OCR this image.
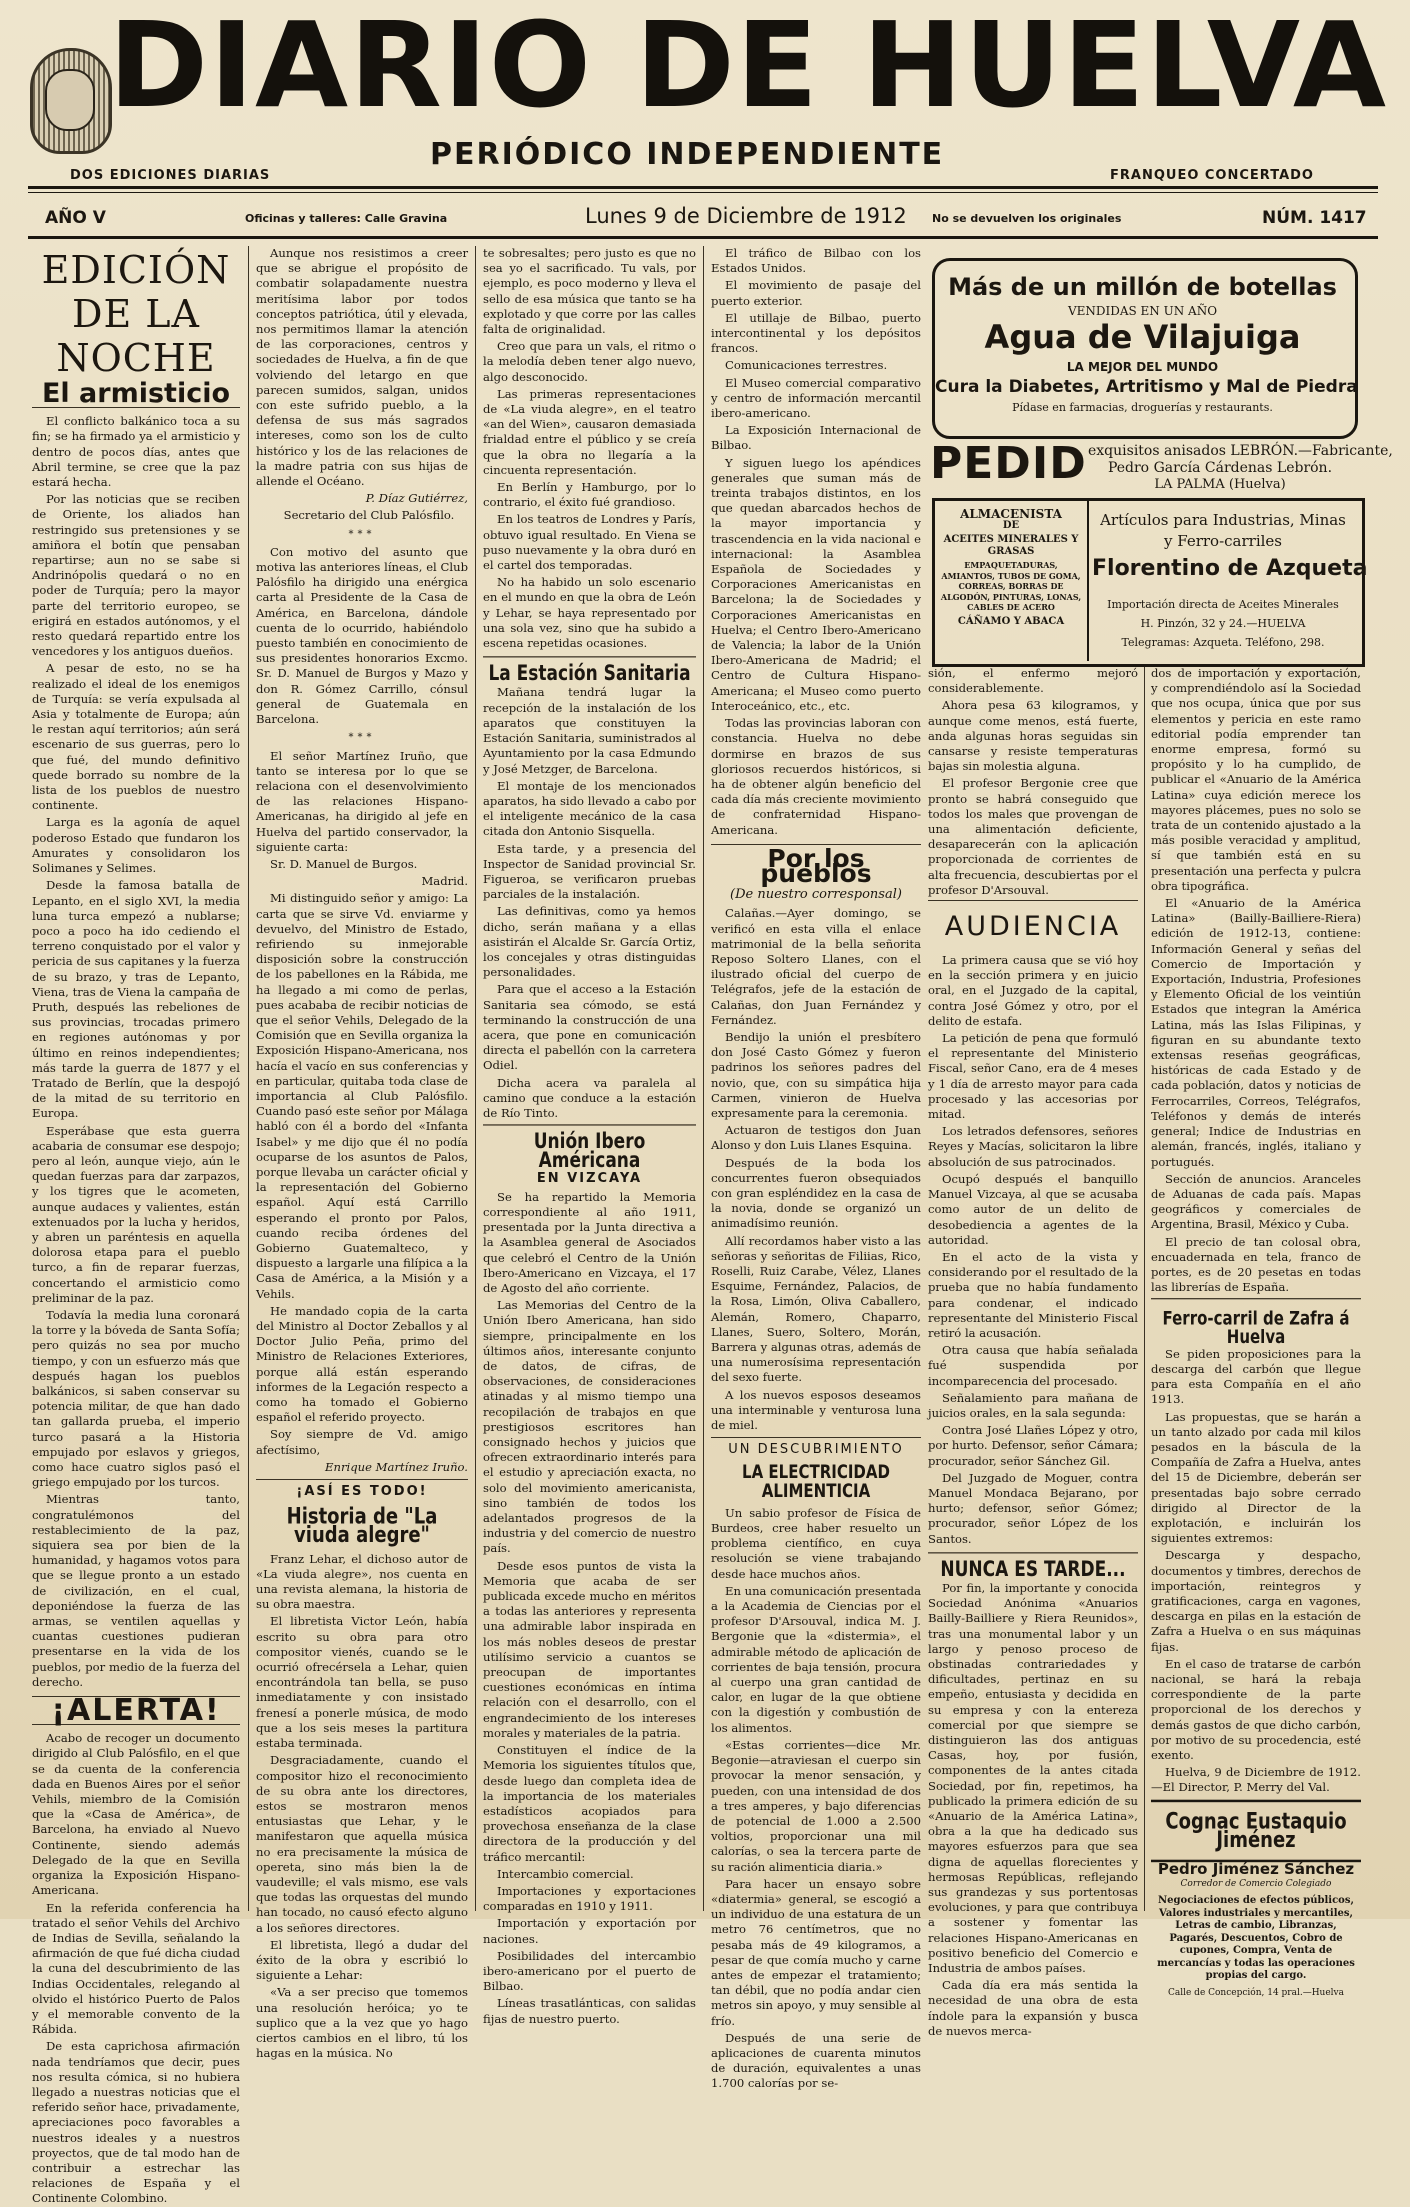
DIARIO DE HUELVA
PERIÓDICO INDEPENDIENTE
DOS EDICIONES DIARIAS	FRANQUEO CONCERTADO
AÑO V	Oficinas y talleres: Calle Gravina	Lunes 9 de Diciembre de 1912 No se devuelven los originales	NÚM. 1417
EDICIÓN DE LA NOCHE
El armisticio

El conflicto balkánico toca a su fin; se ha firmado ya el armisticio y dentro de pocos días, antes que Abril termine, se cree que la paz estará hecha.

Por las noticias que se reciben de Oriente, los aliados han restringido sus pretensiones y se amiñora el botín que pensaban repartirse; aun no se sabe si Andrinópolis quedará o no en poder de Turquía; pero la mayor parte del territorio europeo, se erigirá en estados autónomos, y el resto quedará repartido entre los vencedores y los antiguos dueños.

A pesar de esto, no se ha realizado el ideal de los enemigos de Turquía: se vería expulsada al Asia y totalmente de Europa; aún le restan aquí territorios; aún será escenario de sus guerras, pero lo que fué, del mundo definitivo quede borrado su nombre de la lista de los pueblos de nuestro continente.

Larga es la agonía de aquel poderoso Estado que fundaron los Amurates y consolidaron los Solimanes y Selimes.

Desde la famosa batalla de Lepanto, en el siglo XVI, la media luna turca empezó a nublarse; poco a poco ha ido cediendo el terreno conquistado por el valor y pericia de sus capitanes y la fuerza de su brazo, y tras de Lepanto, Viena, tras de Viena la campaña de Pruth, después las rebeliones de sus provincias, trocadas primero en regiones autónomas y por último en reinos independientes; más tarde la guerra de 1877 y el Tratado de Berlín, que la despojó de la mitad de su territorio en Europa.

Esperábase que esta guerra acabaria de consumar ese despojo; pero al león, aunque viejo, aún le quedan fuerzas para dar zarpazos, y los tigres que le acometen, aunque audaces y valientes, están extenuados por la lucha y heridos, y abren un paréntesis en aquella dolorosa etapa para el pueblo turco, a fin de reparar fuerzas, concertando el armisticio como preliminar de la paz.

Todavía la media luna coronará la torre y la bóveda de Santa Sofía; pero quizás no sea por mucho tiempo, y con un esfuerzo más que después hagan los pueblos balkánicos, si saben conservar su potencia militar, de que han dado tan gallarda prueba, el imperio turco pasará a la Historia empujado por eslavos y griegos, como hace cuatro siglos pasó el griego empujado por los turcos.

Mientras tanto, congratulémonos del restablecimiento de la paz, siquiera sea por bien de la humanidad, y hagamos votos para que se llegue pronto a un estado de civilización, en el cual, deponiéndose la fuerza de las armas, se ventilen aquellas y cuantas cuestiones pudieran presentarse en la vida de los pueblos, por medio de la fuerza del derecho.

¡ALERTA!

Acabo de recoger un documento dirigido al Club Palósfilo, en el que se da cuenta de la conferencia dada en Buenos Aires por el señor Vehils, miembro de la Comisión que la «Casa de América», de Barcelona, ha enviado al Nuevo Continente, siendo además Delegado de la que en Sevilla organiza la Exposición Hispano-Americana.

En la referida conferencia ha tratado el señor Vehils del Archivo de Indias de Sevilla, señalando la afirmación de que fué dicha ciudad la cuna del descubrimiento de las Indias Occidentales, relegando al olvido el histórico Puerto de Palos y el memorable convento de la Rábida.

De esta caprichosa afirmación nada tendríamos que decir, pues nos resulta cómica, si no hubiera llegado a nuestras noticias que el referido señor hace, privadamente, apreciaciones poco favorables a nuestros ideales y a nuestros proyectos, que de tal modo han de contribuir a estrechar las relaciones de España y el Continente Colombino.

Aunque nos resistimos a creer que se abrigue el propósito de combatir solapadamente nuestra meritísima labor por todos conceptos patriótica, útil y elevada, nos permitimos llamar la atención de las corporaciones, centros y sociedades de Huelva, a fin de que volviendo del letargo en que parecen sumidos, salgan, unidos con este sufrido pueblo, a la defensa de sus más sagrados intereses, como son los de culto histórico y los de las relaciones de la madre patria con sus hijas de allende el Océano.

P. Díaz Gutiérrez,

Secretario del Club Palósfilo.

***

Con motivo del asunto que motiva las anteriores líneas, el Club Palósfilo ha dirigido una enérgica carta al Presidente de la Casa de América, en Barcelona, dándole cuenta de lo ocurrido, habiéndolo puesto también en conocimiento de sus presidentes honorarios Excmo. Sr. D. Manuel de Burgos y Mazo y don R. Gómez Carrillo, cónsul general de Guatemala en Barcelona.

***

El señor Martínez Iruño, que tanto se interesa por lo que se relaciona con el desenvolvimiento de las relaciones Hispano-Americanas, ha dirigido al jefe en Huelva del partido conservador, la siguiente carta:

Sr. D. Manuel de Burgos.

Madrid.

Mi distinguido señor y amigo: La carta que se sirve Vd. enviarme y devuelvo, del Ministro de Estado, refiriendo su inmejorable disposición sobre la construcción de los pabellones en la Rábida, me ha llegado a mi como de perlas, pues acababa de recibir noticias de que el señor Vehils, Delegado de la Comisión que en Sevilla organiza la Exposición Hispano-Americana, nos hacía el vacío en sus conferencias y en particular, quitaba toda clase de importancia al Club Palósfilo. Cuando pasó este señor por Málaga habló con él a bordo del «Infanta Isabel» y me dijo que él no podía ocuparse de los asuntos de Palos, porque llevaba un carácter oficial y la representación del Gobierno español. Aquí está Carrillo esperando el pronto por Palos, cuando reciba órdenes del Gobierno Guatemalteco, y dispuesto a largarle una filípica a la Casa de América, a la Misión y a Vehils.

He mandado copia de la carta del Ministro al Doctor Zeballos y al Doctor Julio Peña, primo del Ministro de Relaciones Exteriores, porque allá están esperando informes de la Legación respecto a como ha tomado el Gobierno español el referido proyecto.

Soy siempre de Vd. amigo afectísimo,

Enrique Martínez Iruño.

¡ASÍ ES TODO!
Historia de "La viuda alegre"

Franz Lehar, el dichoso autor de «La viuda alegre», nos cuenta en una revista alemana, la historia de su obra maestra.

El libretista Victor León, había escrito su obra para otro compositor vienés, cuando se le ocurrió ofrecérsela a Lehar, quien encontrándola tan bella, se puso inmediatamente y con insistado frenesí a ponerle música, de modo que a los seis meses la partitura estaba terminada.

Desgraciadamente, cuando el compositor hizo el reconocimiento de su obra ante los directores, estos se mostraron menos entusiastas que Lehar, y le manifestaron que aquella música no era precisamente la música de opereta, sino más bien la de vaudeville; el vals mismo, ese vals que todas las orquestas del mundo han tocado, no causó efecto alguno a los señores directores.

El libretista, llegó a dudar del éxito de la obra y escribió lo siguiente a Lehar:

«Va a ser preciso que tomemos una resolución heróica; yo te suplico que a la vez que yo hago ciertos cambios en el libro, tú los hagas en la música. No

te sobresaltes; pero justo es que no sea yo el sacrificado. Tu vals, por ejemplo, es poco moderno y lleva el sello de esa música que tanto se ha explotado y que corre por las calles falta de originalidad.

Creo que para un vals, el ritmo o la melodía deben tener algo nuevo, algo desconocido.

Las primeras representaciones de «La viuda alegre», en el teatro «an del Wien», causaron demasiada frialdad entre el público y se creía que la obra no llegaría a la cincuenta representación.

En Berlín y Hamburgo, por lo contrario, el éxito fué grandioso.

En los teatros de Londres y París, obtuvo igual resultado. En Viena se puso nuevamente y la obra duró en el cartel dos temporadas.

No ha habido un solo escenario en el mundo en que la obra de León y Lehar, se haya representado por una sola vez, sino que ha subido a escena repetidas ocasiones.

La Estación Sanitaria

Mañana tendrá lugar la recepción de la instalación de los aparatos que constituyen la Estación Sanitaria, suministrados al Ayuntamiento por la casa Edmundo y José Metzger, de Barcelona.

El montaje de los mencionados aparatos, ha sido llevado a cabo por el inteligente mecánico de la casa citada don Antonio Sisquella.

Esta tarde, y a presencia del Inspector de Sanidad provincial Sr. Figueroa, se verificaron pruebas parciales de la instalación.

Las definitivas, como ya hemos dicho, serán mañana y a ellas asistirán el Alcalde Sr. García Ortiz, los concejales y otras distinguidas personalidades.

Para que el acceso a la Estación Sanitaria sea cómodo, se está terminando la construcción de una acera, que pone en comunicación directa el pabellón con la carretera Odiel.

Dicha acera va paralela al camino que conduce a la estación de Río Tinto.

Unión Ibero Américana
EN VIZCAYA

Se ha repartido la Memoria correspondiente al año 1911, presentada por la Junta directiva a la Asamblea general de Asociados que celebró el Centro de la Unión Ibero-Americano en Vizcaya, el 17 de Agosto del año corriente.

Las Memorias del Centro de la Unión Ibero Americana, han sido siempre, principalmente en los últimos años, interesante conjunto de datos, de cifras, de observaciones, de consideraciones atinadas y al mismo tiempo una recopilación de trabajos en que prestigiosos escritores han consignado hechos y juicios que ofrecen extraordinario interés para el estudio y apreciación exacta, no solo del movimiento americanista, sino también de todos los adelantados progresos de la industria y del comercio de nuestro país.

Desde esos puntos de vista la Memoria que acaba de ser publicada excede mucho en méritos a todas las anteriores y representa una admirable labor inspirada en los más nobles deseos de prestar utilísimo servicio a cuantos se preocupan de importantes cuestiones económicas en íntima relación con el desarrollo, con el engrandecimiento de los intereses morales y materiales de la patria.

Constituyen el índice de la Memoria los siguientes títulos que, desde luego dan completa idea de la importancia de los materiales estadísticos acopiados para provechosa enseñanza de la clase directora de la producción y del tráfico mercantil:

Intercambio comercial.

Importaciones y exportaciones comparadas en 1910 y 1911.

Importación y exportación por naciones.

Posibilidades del intercambio ibero-americano por el puerto de Bilbao.

Líneas trasatlánticas, con salidas fijas de nuestro puerto.

El tráfico de Bilbao con los Estados Unidos.

El movimiento de pasaje del puerto exterior.

El utillaje de Bilbao, puerto intercontinental y los depósitos francos.

Comunicaciones terrestres.

El Museo comercial comparativo y centro de información mercantil ibero-americano.

La Exposición Internacional de Bilbao.

Y siguen luego los apéndices generales que suman más de treinta trabajos distintos, en los que quedan abarcados hechos de la mayor importancia y trascendencia en la vida nacional e internacional: la Asamblea Española de Sociedades y Corporaciones Americanistas en Barcelona; la de Sociedades y Corporaciones Americanistas en Huelva; el Centro Ibero-Americano de Valencia; la labor de la Unión Ibero-Americana de Madrid; el Centro de Cultura Hispano-Americana; el Museo como puerto Interoceánico, etc., etc.

Todas las provincias laboran con constancia. Huelva no debe dormirse en brazos de sus gloriosos recuerdos históricos, si ha de obtener algún beneficio del cada día más creciente movimiento de confraternidad Hispano-Americana.

Por los pueblos
(De nuestro corresponsal)

Calañas.—Ayer domingo, se verificó en esta villa el enlace matrimonial de la bella señorita Reposo Soltero Llanes, con el ilustrado oficial del cuerpo de Telégrafos, jefe de la estación de Calañas, don Juan Fernández y Fernández.

Bendijo la unión el presbítero don José Casto Gómez y fueron padrinos los señores padres del novio, que, con su simpática hija Carmen, vinieron de Huelva expresamente para la ceremonia.

Actuaron de testigos don Juan Alonso y don Luis Llanes Esquina.

Después de la boda los concurrentes fueron obsequiados con gran espléndidez en la casa de la novia, donde se organizó un animadísimo reunión.

Allí recordamos haber visto a las señoras y señoritas de Filiias, Rico, Roselli, Ruiz Carabe, Vélez, Llanes Esquime, Fernández, Palacios, de la Rosa, Limón, Oliva Caballero, Alemán, Romero, Chaparro, Llanes, Suero, Soltero, Morán, Barrera y algunas otras, además de una numerosísima representación del sexo fuerte.

A los nuevos esposos deseamos una interminable y venturosa luna de miel.

UN DESCUBRIMIENTO
LA ELECTRICIDAD ALIMENTICIA

Un sabio profesor de Física de Burdeos, cree haber resuelto un problema científico, en cuya resolución se viene trabajando desde hace muchos años.

En una comunicación presentada a la Academia de Ciencias por el profesor D'Arsouval, indica M. J. Bergonie que la «distermia», el admirable método de aplicación de corrientes de baja tensión, procura al cuerpo una gran cantidad de calor, en lugar de la que obtiene con la digestión y combustión de los alimentos.

«Estas corrientes—dice Mr. Begonie—atraviesan el cuerpo sin provocar la menor sensación, y pueden, con una intensidad de dos a tres amperes, y bajo diferencias de potencial de 1.000 a 2.500 voltios, proporcionar una mil calorías, o sea la tercera parte de su ración alimenticia diaria.»

Para hacer un ensayo sobre «diatermia» general, se escogió a un individuo de una estatura de un metro 76 centímetros, que no pesaba más de 49 kilogramos, a pesar de que comía mucho y carne antes de empezar el tratamiento; tan débil, que no podía andar cien metros sin apoyo, y muy sensible al frío.

Después de una serie de aplicaciones de cuarenta minutos de duración, equivalentes a unas 1.700 calorías por se-

Más de un millón de botellas
VENDIDAS EN UN AÑO
Agua de Vilajuiga
LA MEJOR DEL MUNDO
Cura la Diabetes, Artritismo y Mal de Piedra
Pídase en farmacias, droguerías y restaurants.
PEDID exquisitos anisados LEBRÓN.—Fabricante,
Pedro García Cárdenas Lebrón.
LA PALMA (Huelva)
ALMACENISTA
DE
ACEITES MINERALES Y GRASAS
EMPAQUETADURAS, AMIANTOS, TUBOS DE GOMA, CORREAS, BORRAS DE ALGODÓN, PINTURAS, LONAS, CABLES DE ACERO
CÁÑAMO Y ABACA
Artículos para Industrias, Minas
y Ferro-carriles
Florentino de Azqueta
Importación directa de Aceites Minerales
H. Pinzón, 32 y 24.—HUELVA
Telegramas: Azqueta. Teléfono, 298.

sión, el enfermo mejoró considerablemente.

Ahora pesa 63 kilogramos, y aunque come menos, está fuerte, anda algunas horas seguidas sin cansarse y resiste temperaturas bajas sin molestia alguna.

El profesor Bergonie cree que pronto se habrá conseguido que todos los males que provengan de una alimentación deficiente, desaparecerán con la aplicación proporcionada de corrientes de alta frecuencia, descubiertas por el profesor D'Arsouval.

AUDIENCIA

La primera causa que se vió hoy en la sección primera y en juicio oral, en el Juzgado de la capital, contra José Gómez y otro, por el delito de estafa.

La petición de pena que formuló el representante del Ministerio Fiscal, señor Cano, era de 4 meses y 1 día de arresto mayor para cada procesado y las accesorias por mitad.

Los letrados defensores, señores Reyes y Macías, solicitaron la libre absolución de sus patrocinados.

Ocupó después el banquillo Manuel Vizcaya, al que se acusaba como autor de un delito de desobediencia a agentes de la autoridad.

En el acto de la vista y considerando por el resultado de la prueba que no había fundamento para condenar, el indicado representante del Ministerio Fiscal retiró la acusación.

Otra causa que había señalada fué suspendida por incomparecencia del procesado.

Señalamiento para mañana de juicios orales, en la sala segunda:

Contra José Llañes López y otro, por hurto. Defensor, señor Cámara; procurador, señor Sánchez Gil.

Del Juzgado de Moguer, contra Manuel Mondaca Bejarano, por hurto; defensor, señor Gómez; procurador, señor López de los Santos.

NUNCA ES TARDE...

Por fin, la importante y conocida Sociedad Anónima «Anuarios Bailly-Bailliere y Riera Reunidos», tras una monumental labor y un largo y penoso proceso de obstinadas contrariedades y dificultades, pertinaz en su empeño, entusiasta y decidida en su empresa y con la entereza comercial por que siempre se distinguieron las dos antiguas Casas, hoy, por fusión, componentes de la antes citada Sociedad, por fin, repetimos, ha publicado la primera edición de su «Anuario de la América Latina», obra a la que ha dedicado sus mayores esfuerzos para que sea digna de aquellas florecientes y hermosas Repúblicas, reflejando sus grandezas y sus portentosas evoluciones, y para que contribuya a sostener y fomentar las relaciones Hispano-Americanas en positivo beneficio del Comercio e Industria de ambos países.

Cada día era más sentida la necesidad de una obra de esta índole para la expansión y busca de nuevos merca-

dos de importación y exportación, y comprendiéndolo así la Sociedad que nos ocupa, única que por sus elementos y pericia en este ramo editorial podía emprender tan enorme empresa, formó su propósito y lo ha cumplido, de publicar el «Anuario de la América Latina» cuya edición merece los mayores plácemes, pues no solo se trata de un contenido ajustado a la más posible veracidad y amplitud, sí que también está en su presentación una perfecta y pulcra obra tipográfica.

El «Anuario de la América Latina» (Bailly-Bailliere-Riera) edición de 1912-13, contiene: Información General y señas del Comercio de Importación y Exportación, Industria, Profesiones y Elemento Oficial de los veintiún Estados que integran la América Latina, más las Islas Filipinas, y figuran en su abundante texto extensas reseñas geográficas, históricas de cada Estado y de cada población, datos y noticias de Ferrocarriles, Correos, Telégrafos, Teléfonos y demás de interés general; Indice de Industrias en alemán, francés, inglés, italiano y portugués.

Sección de anuncios. Aranceles de Aduanas de cada país. Mapas geográficos y comerciales de Argentina, Brasil, México y Cuba.

El precio de tan colosal obra, encuadernada en tela, franco de portes, es de 20 pesetas en todas las librerías de España.

Ferro-carril de Zafra á Huelva

Se piden proposiciones para la descarga del carbón que llegue para esta Compañía en el año 1913.

Las propuestas, que se harán a un tanto alzado por cada mil kilos pesados en la báscula de la Compañía de Zafra a Huelva, antes del 15 de Diciembre, deberán ser presentadas bajo sobre cerrado dirigido al Director de la explotación, e incluirán los siguientes extremos:

Descarga y despacho, documentos y timbres, derechos de importación, reintegros y gratificaciones, carga en vagones, descarga en pilas en la estación de Zafra a Huelva o en sus máquinas fijas.

En el caso de tratarse de carbón nacional, se hará la rebaja correspondiente de la parte proporcional de los derechos y demás gastos de que dicho carbón, por motivo de su procedencia, esté exento.

Huelva, 9 de Diciembre de 1912.—El Director, P. Merry del Val.

Cognac Eustaquio Jiménez
Pedro Jiménez Sánchez
Corredor de Comercio Colegiado
Negociaciones de efectos públicos, Valores industriales y mercantiles, Letras de cambio, Libranzas, Pagarés, Descuentos, Cobro de cupones, Compra, Venta de mercancías y todas las operaciones propias del cargo.
Calle de Concepción, 14 pral.—Huelva
